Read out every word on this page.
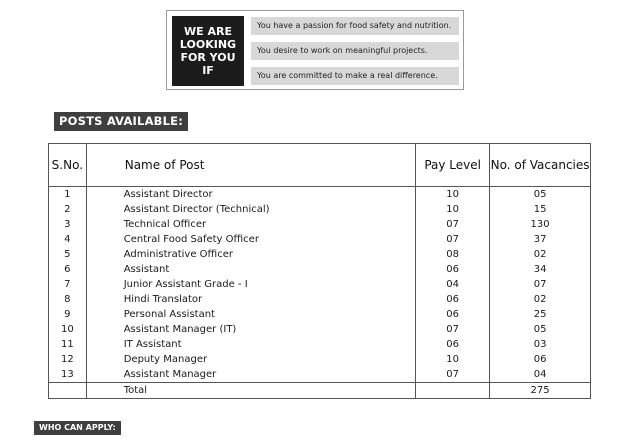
WE ARE
LOOKING
FOR YOU
IF
You have a passion for food safety and nutrition.
You desire to work on meaningful projects.
You are committed to make a real difference.
POSTS AVAILABLE:
S.No.	Name of Post	Pay Level	No. of Vacancies
1	Assistant Director	10	05
2	Assistant Director (Technical)	10	15
3	Technical Officer	07	130
4	Central Food Safety Officer	07	37
5	Administrative Officer	08	02
6	Assistant	06	34
7	Junior Assistant Grade - I	04	07
8	Hindi Translator	06	02
9	Personal Assistant	06	25
10	Assistant Manager (IT)	07	05
11	IT Assistant	06	03
12	Deputy Manager	10	06
13	Assistant Manager	07	04
	Total		275
WHO CAN APPLY:
